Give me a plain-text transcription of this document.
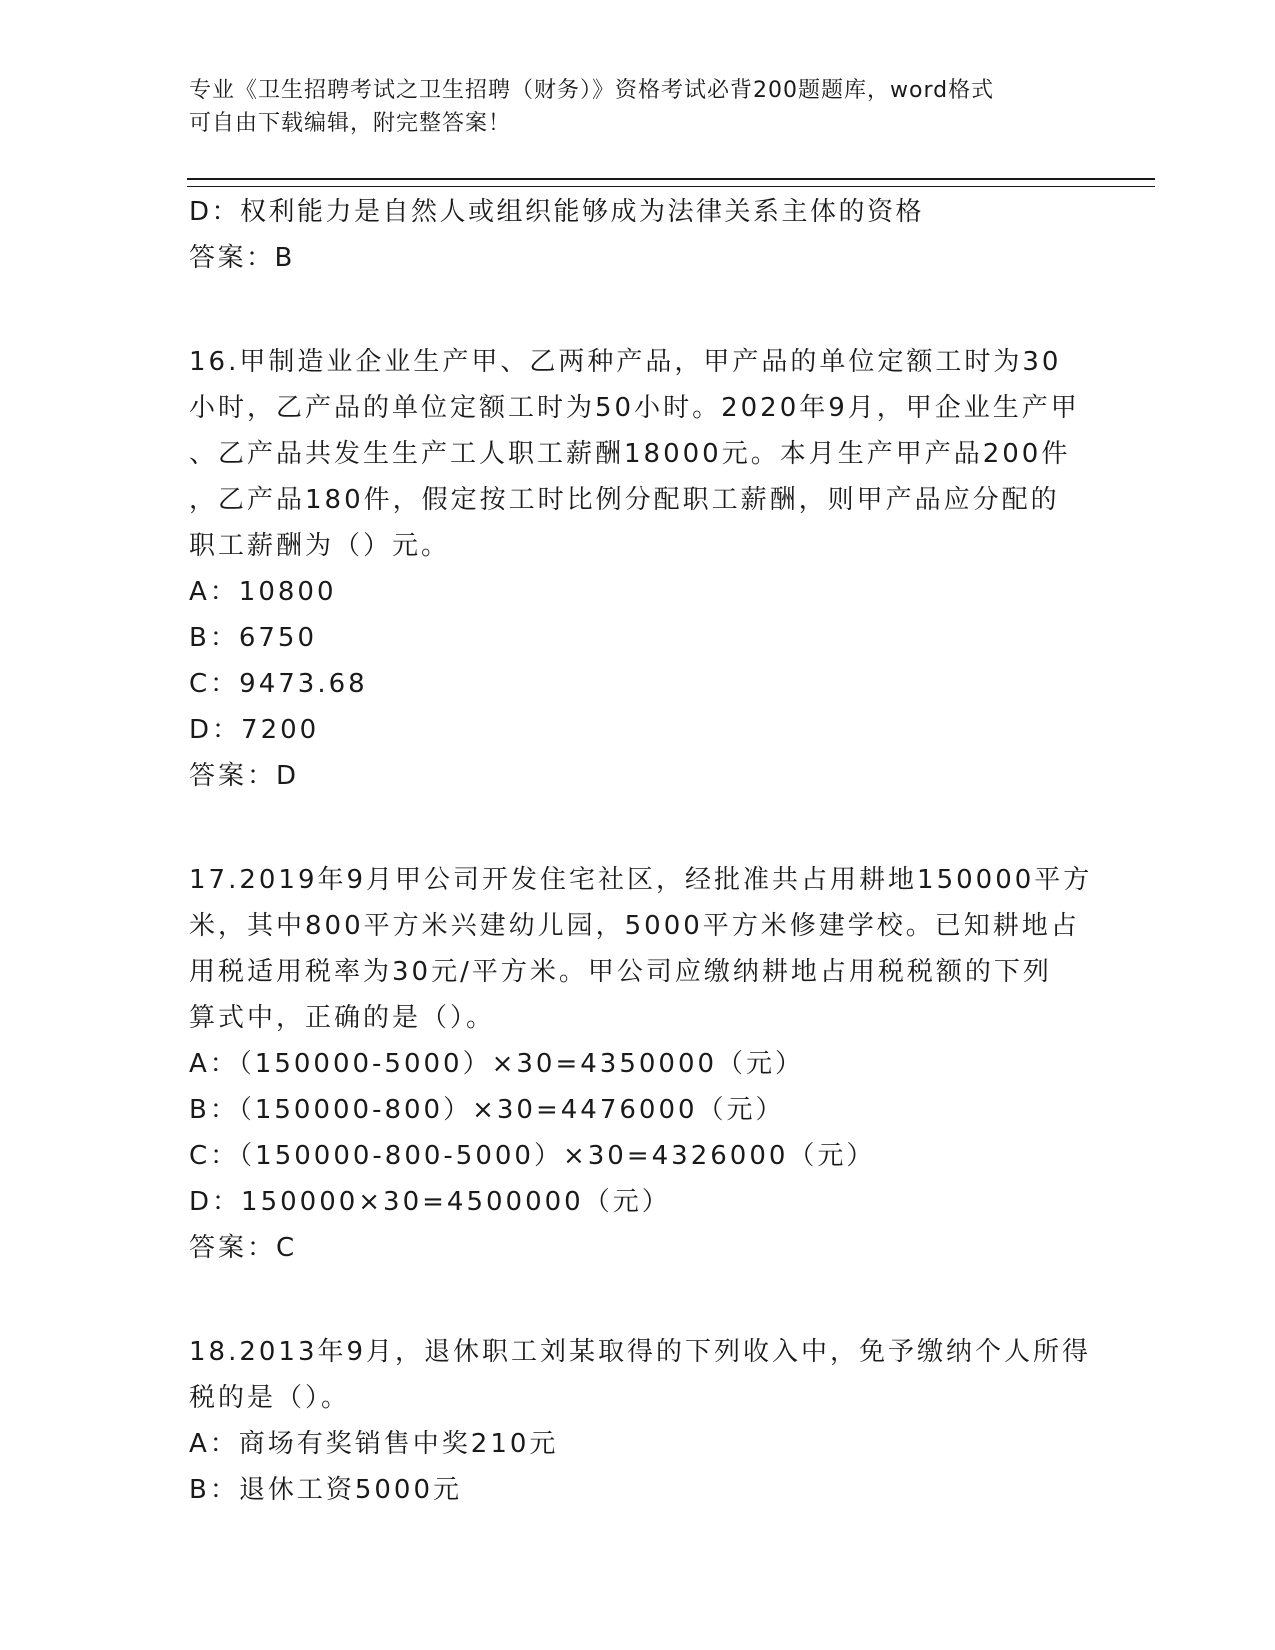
专业《卫生招聘考试之卫生招聘（财务）》资格考试必背200题题库，word格式
可自由下载编辑，附完整答案！
D：权利能力是自然人或组织能够成为法律关系主体的资格
答案：B
16.甲制造业企业生产甲、乙两种产品，甲产品的单位定额工时为30
小时，乙产品的单位定额工时为50小时。2020年9月，甲企业生产甲
、乙产品共发生生产工人职工薪酬18000元。本月生产甲产品200件
，乙产品180件，假定按工时比例分配职工薪酬，则甲产品应分配的
职工薪酬为（）元。
A：10800
B：6750
C：9473.68
D：7200
答案：D
17.2019年9月甲公司开发住宅社区，经批准共占用耕地150000平方
米，其中800平方米兴建幼儿园，5000平方米修建学校。已知耕地占
用税适用税率为30元/平方米。甲公司应缴纳耕地占用税税额的下列
算式中，正确的是（）。
A：（150000-5000）×30=4350000（元）
B：（150000-800）×30=4476000（元）
C：（150000-800-5000）×30=4326000（元）
D：150000×30=4500000（元）
答案：C
18.2013年9月，退休职工刘某取得的下列收入中，免予缴纳个人所得
税的是（）。
A：商场有奖销售中奖210元
B：退休工资5000元
